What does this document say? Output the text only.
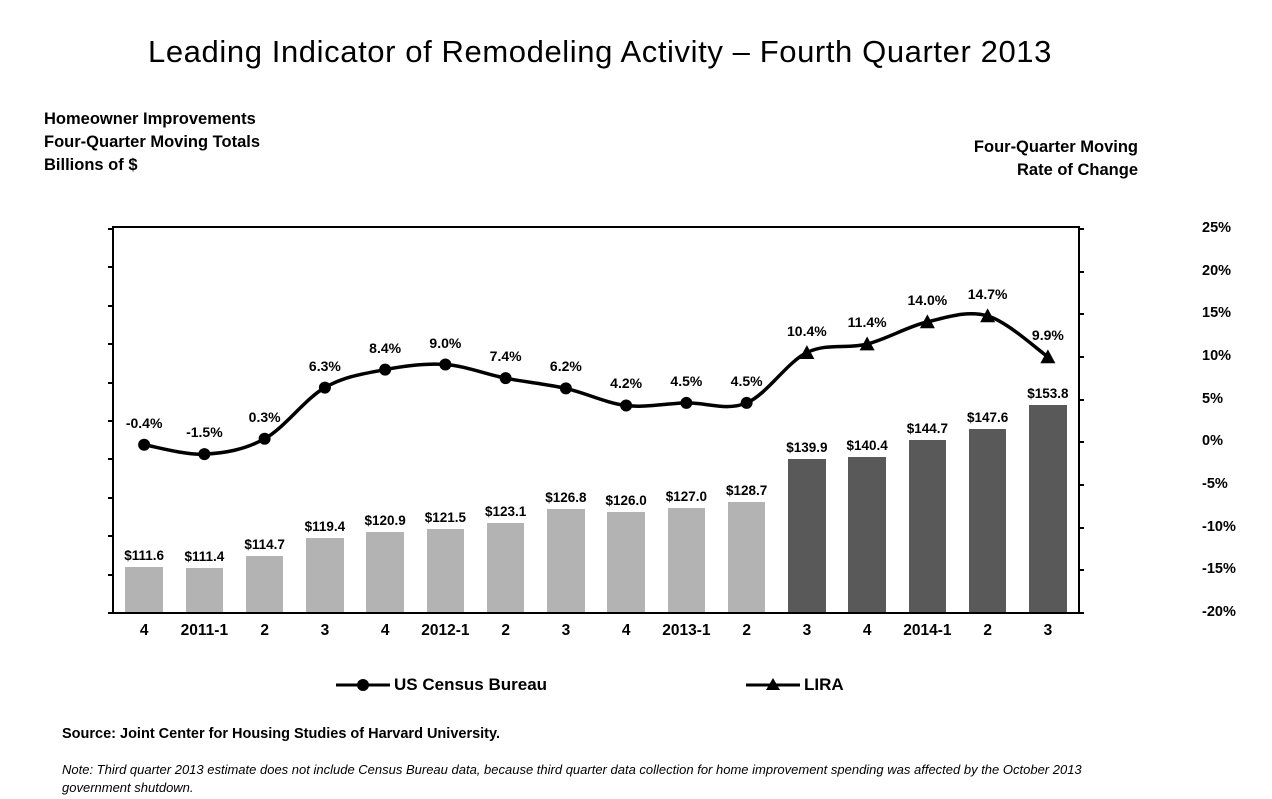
Leading Indicator of Remodeling Activity – Fourth Quarter 2013
Homeowner Improvements
Four-Quarter Moving Totals
Billions of $
Four-Quarter Moving
Rate of Change
$111.6 $111.4
$114.7
$119.4 $120.9 $121.5 $123.1
$126.8 $126.0 $127.0 $128.7
$139.9 $140.4
$144.7
$147.6
$153.8
-0.4%
-1.5%
0.3%
6.3%
8.4% 9.0%
7.4%
6.2%
4.2% 4.5% 4.5%
10.4%
11.4%
14.0% 14.7%
9.9%
-20%
-15%
-10%
-5%
0%
5%
10%
15%
20%
25%
4 2011-1 2	3	4 2012-1 2	3	4 2013-1 2	3	4 2014-1 2	3
US Census Bureau	LIRA
Source: Joint Center for Housing Studies of Harvard University.
Note: Third quarter 2013 estimate does not include Census Bureau data, because third quarter data collection for home improvement spending was affected by the October 2013 government shutdown.
